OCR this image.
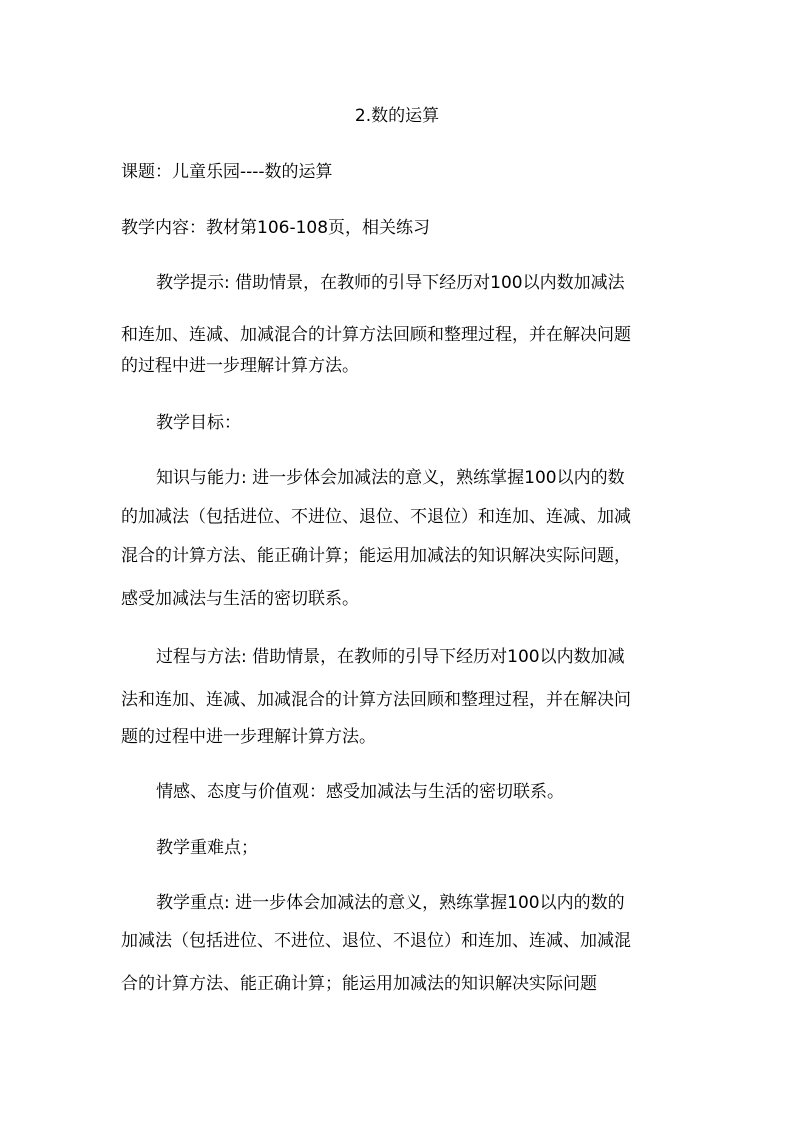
2.数的运算
课题：儿童乐园----数的运算
教学内容：教材第106-108页，相关练习
教学提示: 借助情景，在教师的引导下经历对100以内数加减法
和连加、连减、加减混合的计算方法回顾和整理过程，并在解决问题
的过程中进一步理解计算方法。
教学目标：
知识与能力: 进一步体会加减法的意义，熟练掌握100以内的数
的加减法（包括进位、不进位、退位、不退位）和连加、连减、加减
混合的计算方法、能正确计算；能运用加减法的知识解决实际问题，
感受加减法与生活的密切联系。
过程与方法: 借助情景，在教师的引导下经历对100以内数加减
法和连加、连减、加减混合的计算方法回顾和整理过程，并在解决问
题的过程中进一步理解计算方法。
情感、态度与价值观：感受加减法与生活的密切联系。
教学重难点；
教学重点: 进一步体会加减法的意义，熟练掌握100以内的数的
加减法（包括进位、不进位、退位、不退位）和连加、连减、加减混
合的计算方法、能正确计算；能运用加减法的知识解决实际问题
